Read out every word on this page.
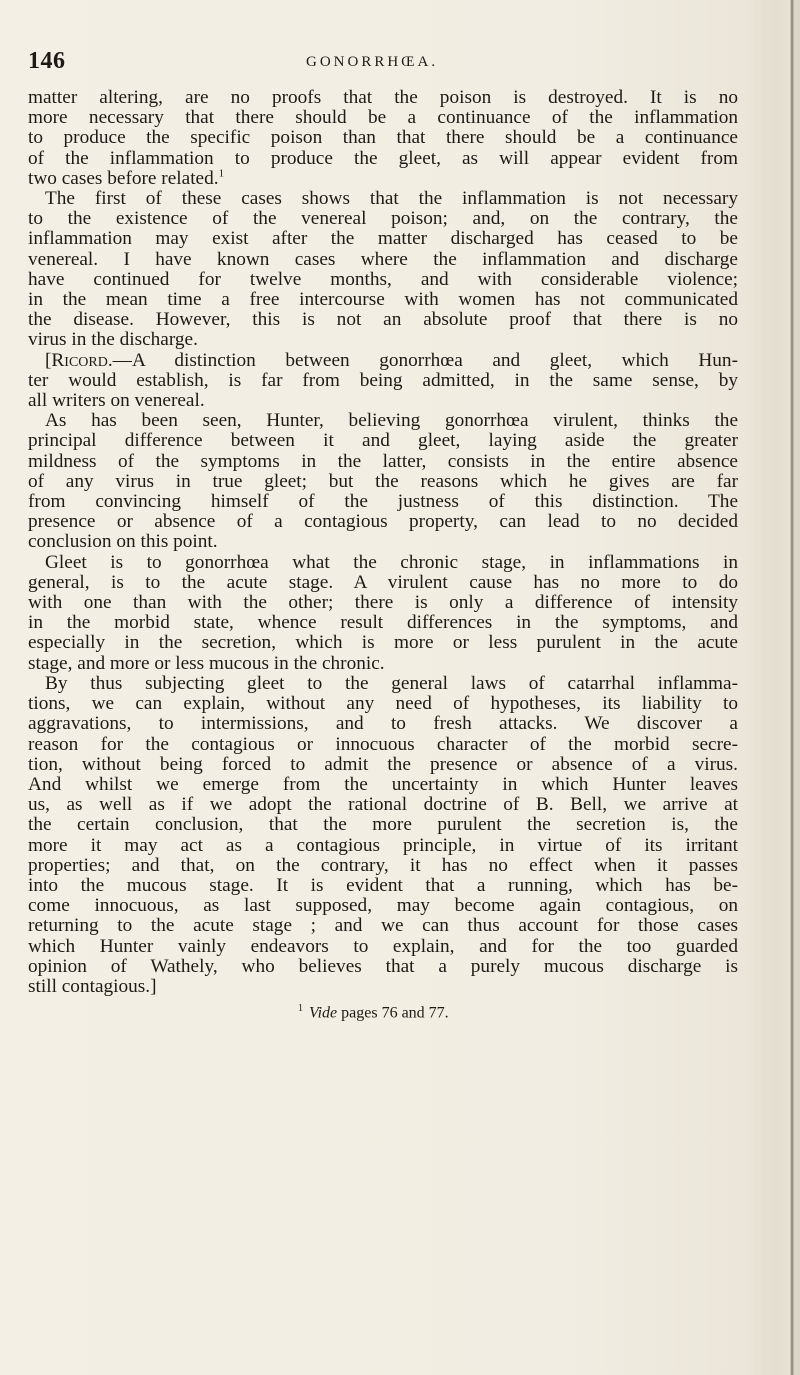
146	GONORRHŒA.
matter altering, are no proofs that the poison is destroyed. It is no
more necessary that there should be a continuance of the inflammation
to produce the specific poison than that there should be a continuance
of the inflammation to produce the gleet, as will appear evident from
two cases before related.$^1$
The first of these cases shows that the inflammation is not necessary
to the existence of the venereal poison; and, on the contrary, the
inflammation may exist after the matter discharged has ceased to be
venereal. I have known cases where the inflammation and discharge
have continued for twelve months, and with considerable violence;
in the mean time a free intercourse with women has not communicated
the disease. However, this is not an absolute proof that there is no
virus in the discharge.
[Ricord.—A distinction between gonorrhœa and gleet, which Hun-
ter would establish, is far from being admitted, in the same sense, by
all writers on venereal.
As has been seen, Hunter, believing gonorrhœa virulent, thinks the
principal difference between it and gleet, laying aside the greater
mildness of the symptoms in the latter, consists in the entire absence
of any virus in true gleet; but the reasons which he gives are far
from convincing himself of the justness of this distinction. The
presence or absence of a contagious property, can lead to no decided
conclusion on this point.
Gleet is to gonorrhœa what the chronic stage, in inflammations in
general, is to the acute stage. A virulent cause has no more to do
with one than with the other; there is only a difference of intensity
in the morbid state, whence result differences in the symptoms, and
especially in the secretion, which is more or less purulent in the acute
stage, and more or less mucous in the chronic.
By thus subjecting gleet to the general laws of catarrhal inflamma-
tions, we can explain, without any need of hypotheses, its liability to
aggravations, to intermissions, and to fresh attacks. We discover a
reason for the contagious or innocuous character of the morbid secre-
tion, without being forced to admit the presence or absence of a virus.
And whilst we emerge from the uncertainty in which Hunter leaves
us, as well as if we adopt the rational doctrine of B. Bell, we arrive at
the certain conclusion, that the more purulent the secretion is, the
more it may act as a contagious principle, in virtue of its irritant
properties; and that, on the contrary, it has no effect when it passes
into the mucous stage. It is evident that a running, which has be-
come innocuous, as last supposed, may become again contagious, on
returning to the acute stage ; and we can thus account for those cases
which Hunter vainly endeavors to explain, and for the too guarded
opinion of Wathely, who believes that a purely mucous discharge is
still contagious.]
$^1$ Vide pages 76 and 77.
